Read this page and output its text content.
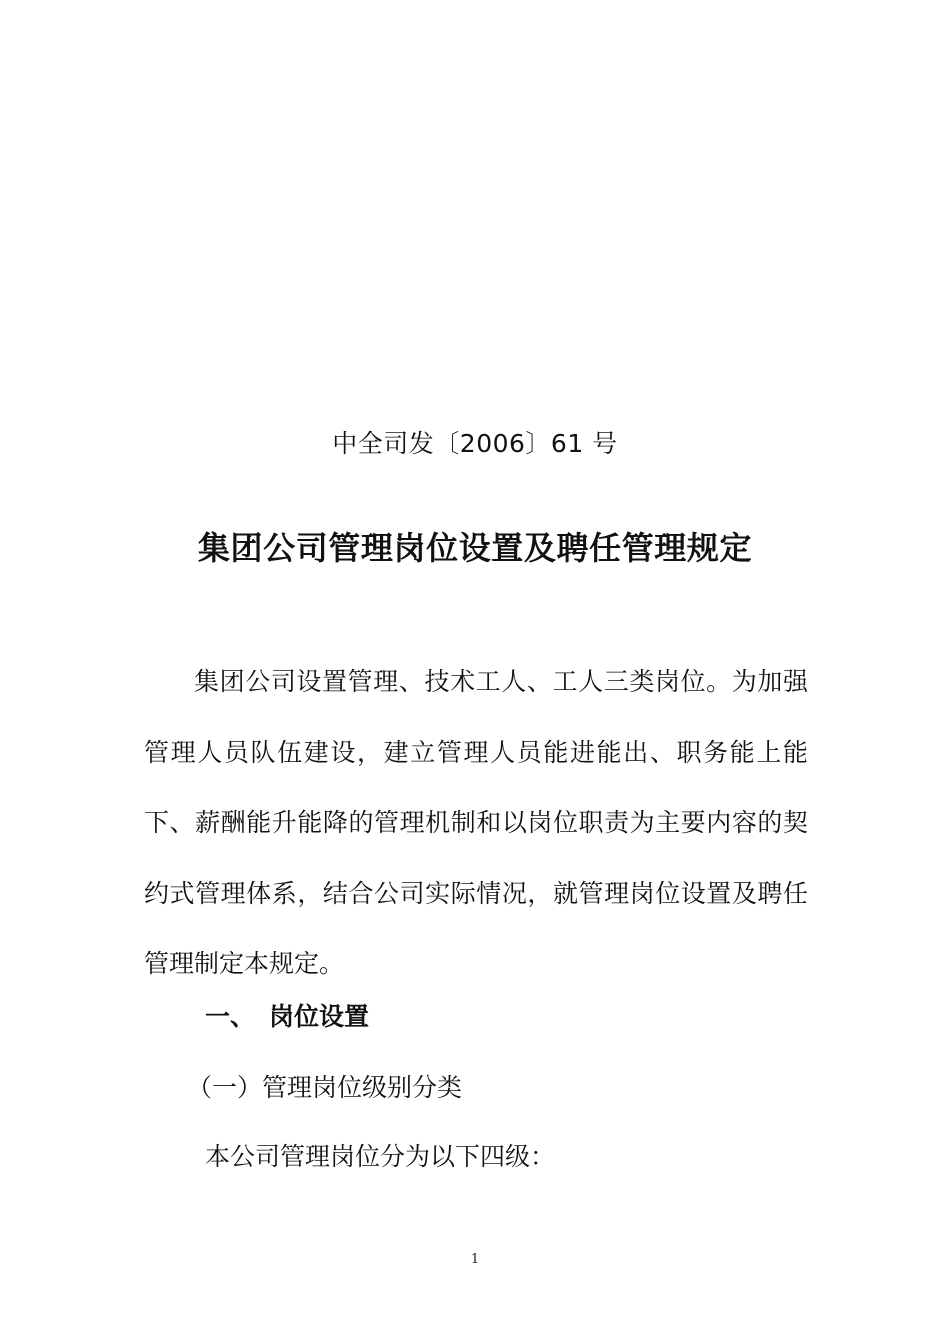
中全司发〔2006〕61 号
集团公司管理岗位设置及聘任管理规定

集团公司设置管理、技术工人、工人三类岗位。为加强管理人员队伍建设，建立管理人员能进能出、职务能上能下、薪酬能升能降的管理机制和以岗位职责为主要内容的契约式管理体系，结合公司实际情况，就管理岗位设置及聘任管理制定本规定。

一、 岗位设置
（一）管理岗位级别分类
本公司管理岗位分为以下四级：
1
